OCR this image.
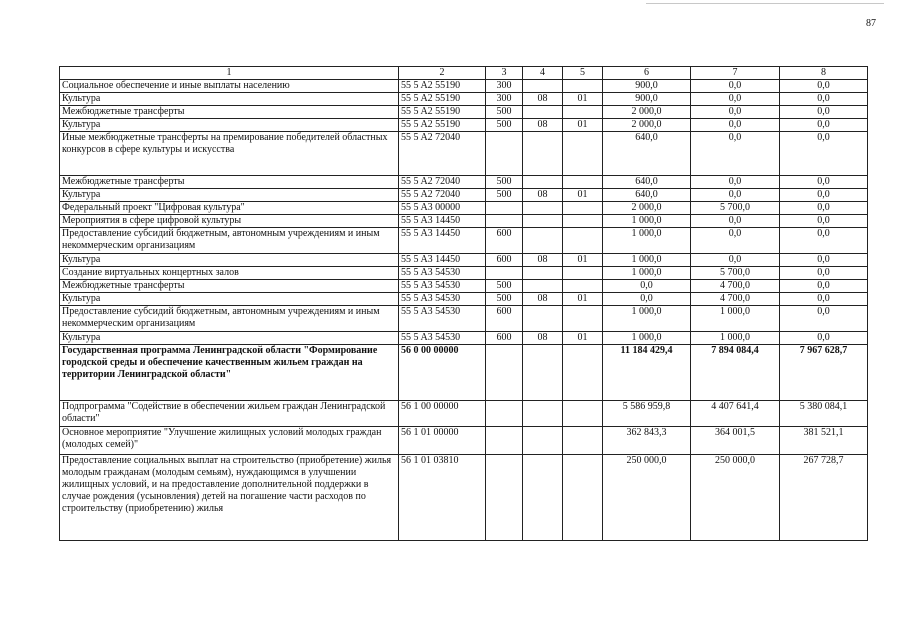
87
1	2	3	4	5	6	7	8
Социальное обеспечение и иные выплаты населению	55 5 A2 55190	300			900,0	0,0	0,0
Культура	55 5 A2 55190	300	08	01	900,0	0,0	0,0
Межбюджетные трансферты	55 5 A2 55190	500			2 000,0	0,0	0,0
Культура	55 5 A2 55190	500	08	01	2 000,0	0,0	0,0
Иные межбюджетные трансферты на премирование победителей областных конкурсов в сфере культуры и искусства	55 5 A2 72040				640,0	0,0	0,0
Межбюджетные трансферты	55 5 A2 72040	500			640,0	0,0	0,0
Культура	55 5 A2 72040	500	08	01	640,0	0,0	0,0
Федеральный проект "Цифровая культура"	55 5 A3 00000				2 000,0	5 700,0	0,0
Мероприятия в сфере цифровой культуры	55 5 A3 14450				1 000,0	0,0	0,0
Предоставление субсидий бюджетным, автономным учреждениям и иным некоммерческим организациям	55 5 A3 14450	600			1 000,0	0,0	0,0
Культура	55 5 A3 14450	600	08	01	1 000,0	0,0	0,0
Создание виртуальных концертных залов	55 5 A3 54530				1 000,0	5 700,0	0,0
Межбюджетные трансферты	55 5 A3 54530	500			0,0	4 700,0	0,0
Культура	55 5 A3 54530	500	08	01	0,0	4 700,0	0,0
Предоставление субсидий бюджетным, автономным учреждениям и иным некоммерческим организациям	55 5 A3 54530	600			1 000,0	1 000,0	0,0
Культура	55 5 A3 54530	600	08	01	1 000,0	1 000,0	0,0
Государственная программа Ленинградской области "Формирование городской среды и обеспечение качественным жильем граждан на территории Ленинградской области"	56 0 00 00000				11 184 429,4	7 894 084,4	7 967 628,7
Подпрограмма "Содействие в обеспечении жильем граждан Ленинградской области"	56 1 00 00000				5 586 959,8	4 407 641,4	5 380 084,1
Основное мероприятие "Улучшение жилищных условий молодых граждан (молодых семей)"	56 1 01 00000				362 843,3	364 001,5	381 521,1
Предоставление социальных выплат на строительство (приобретение) жилья молодым гражданам (молодым семьям), нуждающимся в улучшении жилищных условий, и на предоставление дополнительной поддержки в случае рождения (усыновления) детей на погашение части расходов по строительству (приобретению) жилья	56 1 01 03810				250 000,0	250 000,0	267 728,7
